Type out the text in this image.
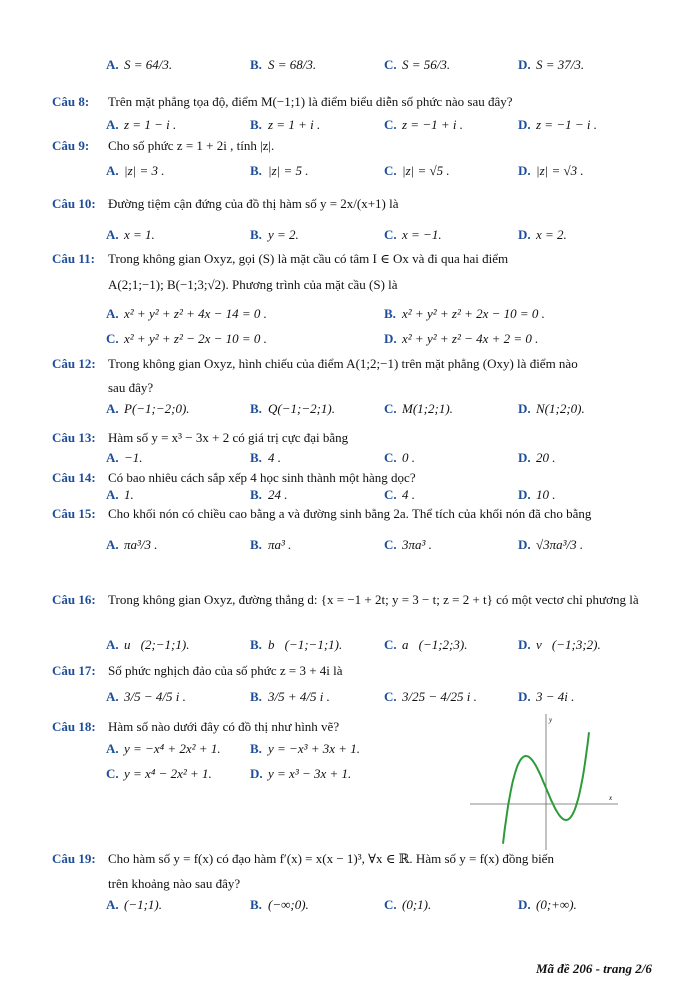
A. S = 64/3.	B. S = 68/3.	C. S = 56/3.	D. S = 37/3.
Câu 8: Trên mặt phẳng tọa độ, điểm M(−1;1) là điểm biểu diễn số phức nào sau đây?
Câu 9: Cho số phức z = 1 + 2i , tính |z|.
Câu 10: Đường tiệm cận đứng của đồ thị hàm số y = 2x/(x+1) là
Câu 11: Trong không gian Oxyz, gọi (S) là mặt cầu có tâm I ∈ Ox và đi qua hai điểm
A(2;1;−1); B(−1;3;√2). Phương trình của mặt cầu (S) là
Câu 12: Trong không gian Oxyz, hình chiếu của điểm A(1;2;−1) trên mặt phẳng (Oxy) là điểm nào
sau đây?
Câu 13: Hàm số y = x³ − 3x + 2 có giá trị cực đại bằng
Câu 14: Có bao nhiêu cách sắp xếp 4 học sinh thành một hàng dọc?
Câu 15: Cho khối nón có chiều cao bằng a và đường sinh bằng 2a. Thể tích của khối nón đã cho bằng
Câu 16: Trong không gian Oxyz, đường thẳng d: {x = −1 + 2t; y = 3 − t; z = 2 + t} có một vectơ chỉ phương là
Câu 17: Số phức nghịch đảo của số phức z = 3 + 4i là
Câu 18: Hàm số nào dưới đây có đồ thị như hình vẽ?
Câu 19: Cho hàm số y = f(x) có đạo hàm f′(x) = x(x − 1)³, ∀x ∈ ℝ. Hàm số y = f(x) đồng biến
trên khoảng nào sau đây?
A. z = 1 − i .	B. z = 1 + i .	C. z = −1 + i .	D. z = −1 − i .
A. |z| = 3 .	B. |z| = 5 .	C. |z| = √5 .	D. |z| = √3 .
A. x = 1.	B. y = 2.	C. x = −1.	D. x = 2.
A. x² + y² + z² + 4x − 14 = 0 .	B. x² + y² + z² + 2x − 10 = 0 .
C. x² + y² + z² − 2x − 10 = 0 .	D. x² + y² + z² − 4x + 2 = 0 .
A. P(−1;−2;0).	B. Q(−1;−2;1).	C. M(1;2;1).	D. N(1;2;0).
A. −1.	B. 4 .	C. 0 .	D. 20 .
A. 1.	B. 24 .	C. 4 .	D. 10 .
A. πa³/3 .	B. πa³ .	C. 3πa³ .	D. √3πa³/3 .
A. u⃗(2;−1;1).	B. b⃗(−1;−1;1).	C. a⃗(−1;2;3).	D. v⃗(−1;3;2).
A. 3/5 − 4/5 i .	B. 3/5 + 4/5 i .	C. 3/25 − 4/25 i .	D. 3 − 4i .
A. y = −x⁴ + 2x² + 1. B. y = −x³ + 3x + 1.
C. y = x⁴ − 2x² + 1.	D. y = x³ − 3x + 1.
A. (−1;1).	B. (−∞;0).	C. (0;1).	D. (0;+∞).
y
x
Mã đề 206 - trang 2/6
